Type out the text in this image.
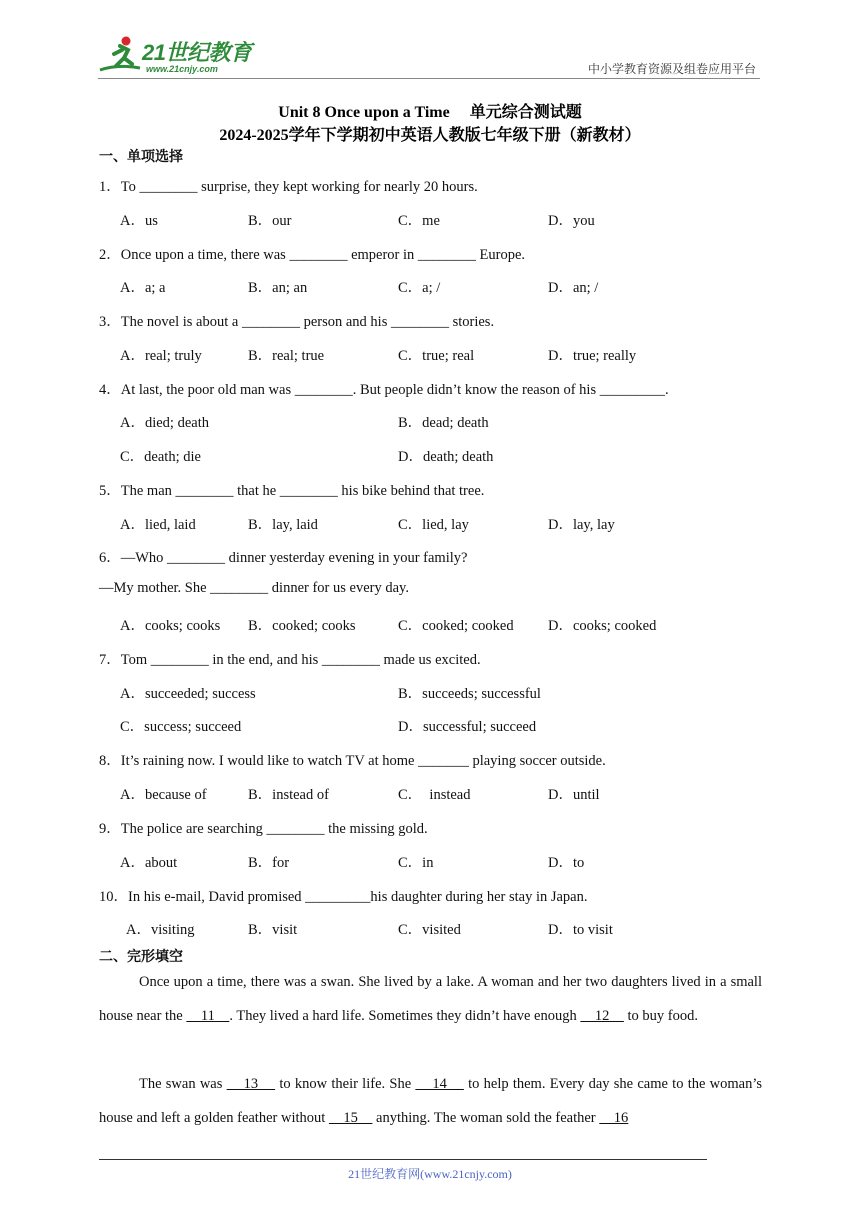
21世纪教育
www.21cnjy.com	中小学教育资源及组卷应用平台
Unit 8 Once upon a Time　 单元综合测试题
2024-2025学年下学期初中英语人教版七年级下册（新教材）
一、单项选择
1．To ________ surprise, they kept working for nearly 20 hours.
A．us	B．our	C．me	D．you
2．Once upon a time, there was ________ emperor in ________ Europe.
A．a; a	B．an; an	C．a; /	D．an; /
3．The novel is about a ________ person and his ________ stories.
A．real; truly	B．real; true	C．true; real	D．true; really
4．At last, the poor old man was ________. But people didn’t know the reason of his _________.
A．died; death	B．dead; death
C．death; die	D．death; death
5．The man ________ that he ________ his bike behind that tree.
A．lied, laid	B．lay, laid	C．lied, lay	D．lay, lay
6．—Who ________ dinner yesterday evening in your family?
—My mother. She ________ dinner for us every day.
A．cooks; cooks B．cooked; cooks	C．cooked; cooked D．cooks; cooked
7．Tom ________ in the end, and his ________ made us excited.
A．succeeded; success	B．succeeds; successful
C．success; succeed	D．successful; succeed
8．It’s raining now. I would like to watch TV at home _______ playing soccer outside.
A．because of	B．instead of	C．  instead	D．until
9．The police are searching ________ the missing gold.
A．about	B．for	C．in	D．to
10．In his e-mail, David promised _________his daughter during her stay in Japan.
A．visiting	B．visit	C．visited	D．to visit
二、完形填空
Once upon a time, there was a swan. She lived by a lake. A woman and her two daughters lived in a small house near the     11    . They lived a hard life. Sometimes they didn’t have enough     12     to buy food.
The swan was     13     to know their life. She     14     to help them. Every day she came to the woman’s house and left a golden feather without     15     anything. The woman sold the feather     16
21世纪教育网(www.21cnjy.com)
